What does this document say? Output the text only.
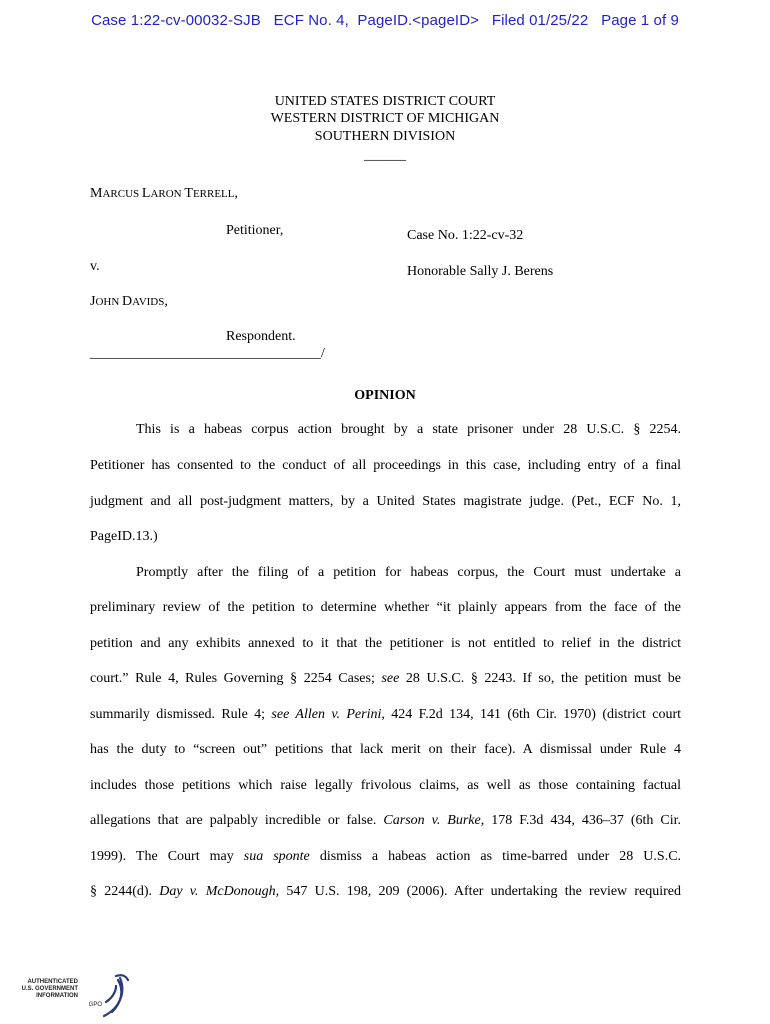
Case 1:22-cv-00032-SJB ECF No. 4, PageID.<pageID> Filed 01/25/22 Page 1 of 9
UNITED STATES DISTRICT COURT
WESTERN DISTRICT OF MICHIGAN
SOUTHERN DIVISION
______
MARCUS LARON TERRELL,
Petitioner,	Case No. 1:22-cv-32
v.	Honorable Sally J. Berens
JOHN DAVIDS,
Respondent.
_________________________________/
OPINION
This is a habeas corpus action brought by a state prisoner under 28 U.S.C. § 2254.
Petitioner has consented to the conduct of all proceedings in this case, including entry of a final
judgment and all post-judgment matters, by a United States magistrate judge. (Pet., ECF No. 1,
PageID.13.)
Promptly after the filing of a petition for habeas corpus, the Court must undertake a
preliminary review of the petition to determine whether “it plainly appears from the face of the
petition and any exhibits annexed to it that the petitioner is not entitled to relief in the district
court.” Rule 4, Rules Governing § 2254 Cases; see 28 U.S.C. § 2243. If so, the petition must be
summarily dismissed. Rule 4; see Allen v. Perini, 424 F.2d 134, 141 (6th Cir. 1970) (district court
has the duty to “screen out” petitions that lack merit on their face). A dismissal under Rule 4
includes those petitions which raise legally frivolous claims, as well as those containing factual
allegations that are palpably incredible or false. Carson v. Burke, 178 F.3d 434, 436–37 (6th Cir.
1999). The Court may sua sponte dismiss a habeas action as time-barred under 28 U.S.C.
§ 2244(d). Day v. McDonough, 547 U.S. 198, 209 (2006). After undertaking the review required
AUTHENTICATED
U.S. GOVERNMENT
INFORMATION
GPO
